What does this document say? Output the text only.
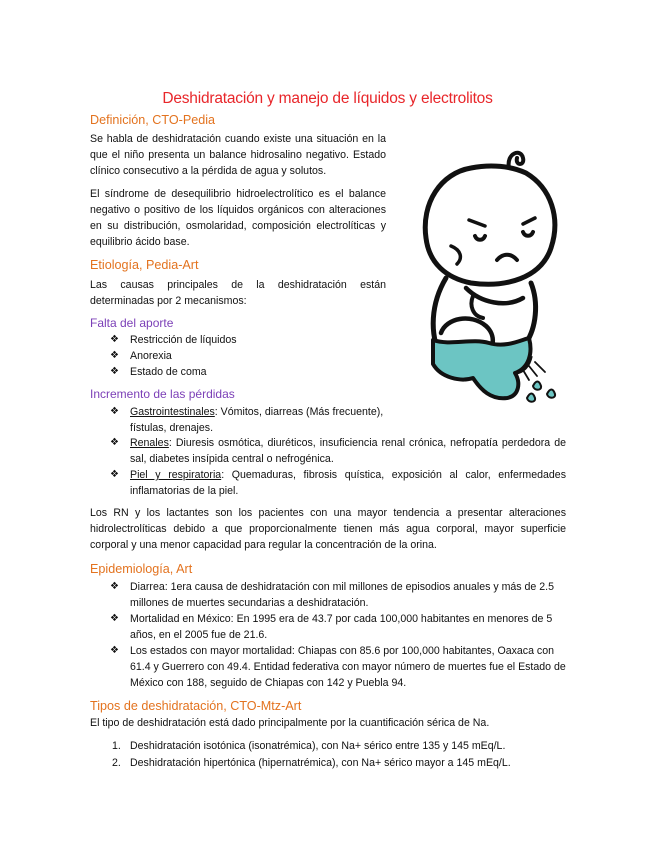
Deshidratación y manejo de líquidos y electrolitos
Definición, CTO-Pedia

Se habla de deshidratación cuando existe una situación en la que el niño presenta un balance hidrosalino negativo. Estado clínico consecutivo a la pérdida de agua y solutos.

El síndrome de desequilibrio hidroelectrolítico es el balance negativo o positivo de los líquidos orgánicos con alteraciones en su distribución, osmolaridad, composición electrolíticas y equilibrio ácido base.

Etiología, Pedia-Art

Las causas principales de la deshidratación están determinadas por 2 mecanismos:

Falta del aporte
❖ Restricción de líquidos
❖ Anorexia
❖ Estado de coma
Incremento de las pérdidas
❖ Gastrointestinales: Vómitos, diarreas (Más frecuente), fístulas, drenajes.
❖ Renales: Diuresis osmótica, diuréticos, insuficiencia renal crónica, nefropatía perdedora de sal, diabetes insípida central o nefrogénica.
❖ Piel y respiratoria: Quemaduras, fibrosis quística, exposición al calor, enfermedades inflamatorias de la piel.

Los RN y los lactantes son los pacientes con una mayor tendencia a presentar alteraciones hidrolectrolíticas debido a que proporcionalmente tienen más agua corporal, mayor superficie corporal y una menor capacidad para regular la concentración de la orina.

Epidemiología, Art
❖ Diarrea: 1era causa de deshidratación con mil millones de episodios anuales y más de 2.5 millones de muertes secundarias a deshidratación.
❖ Mortalidad en México: En 1995 era de 43.7 por cada 100,000 habitantes en menores de 5 años, en el 2005 fue de 21.6.
❖ Los estados con mayor mortalidad: Chiapas con 85.6 por 100,000 habitantes, Oaxaca con 61.4 y Guerrero con 49.4. Entidad federativa con mayor número de muertes fue el Estado de México con 188, seguido de Chiapas con 142 y Puebla 94.
Tipos de deshidratación, CTO-Mtz-Art

El tipo de deshidratación está dado principalmente por la cuantificación sérica de Na.

1. Deshidratación isotónica (isonatrémica), con Na+ sérico entre 135 y 145 mEq/L.
2. Deshidratación hipertónica (hipernatrémica), con Na+ sérico mayor a 145 mEq/L.
